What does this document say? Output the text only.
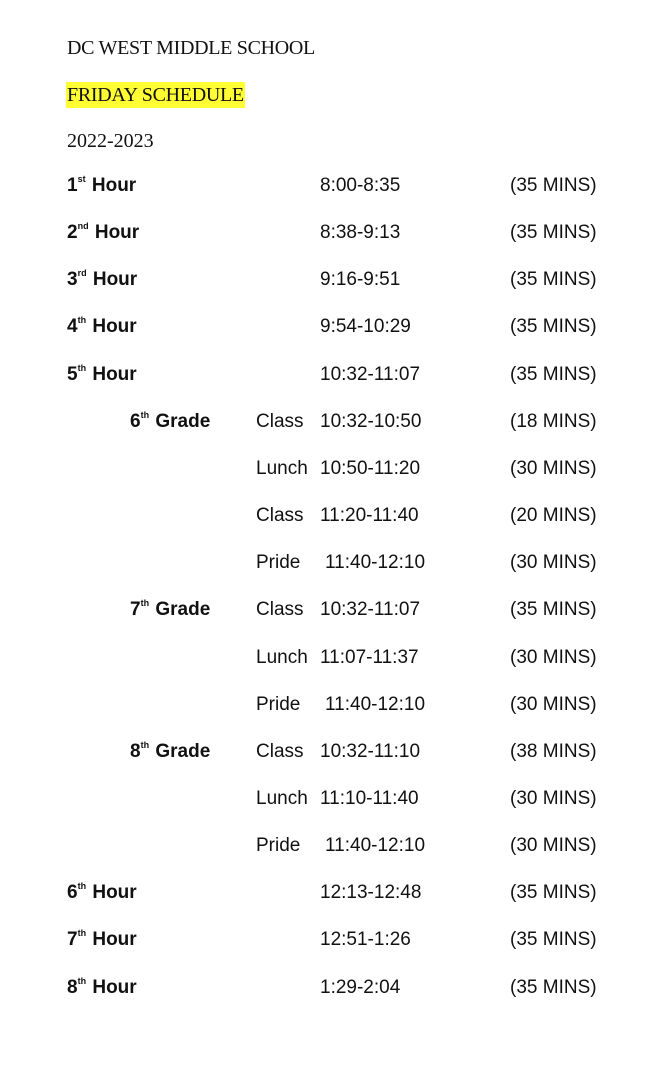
DC WEST MIDDLE SCHOOL
FRIDAY SCHEDULE
2022-2023
1st Hour	8:00-8:35	(35 MINS)
2nd Hour	8:38-9:13	(35 MINS)
3rd Hour	9:16-9:51	(35 MINS)
4th Hour	9:54-10:29	(35 MINS)
5th Hour	10:32-11:07	(35 MINS)
6th Grade Class 10:32-10:50	(18 MINS)
Lunch 10:50-11:20	(30 MINS)
Class 11:20-11:40	(20 MINS)
Pride 11:40-12:10	(30 MINS)
7th Grade Class 10:32-11:07	(35 MINS)
Lunch 11:07-11:37	(30 MINS)
Pride 11:40-12:10	(30 MINS)
8th Grade Class 10:32-11:10	(38 MINS)
Lunch 11:10-11:40	(30 MINS)
Pride 11:40-12:10	(30 MINS)
6th Hour	12:13-12:48	(35 MINS)
7th Hour	12:51-1:26	(35 MINS)
8th Hour	1:29-2:04	(35 MINS)
